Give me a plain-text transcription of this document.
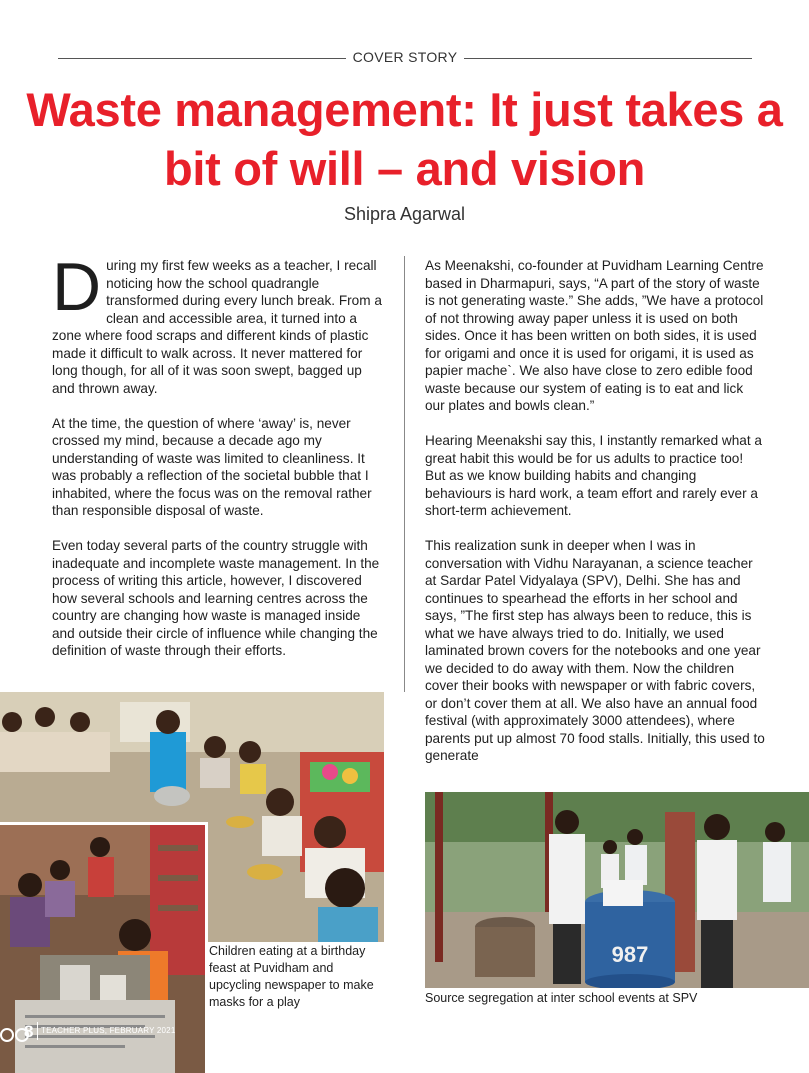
COVER STORY
Waste management: It just takes a bit of will – and vision
Shipra Agarwal

During my first few weeks as a teacher, I recall noticing how the school quadrangle transformed during every lunch break. From a clean and accessible area, it turned into a zone where food scraps and different kinds of plastic made it difficult to walk across. It never mattered for long though, for all of it was soon swept, bagged up and thrown away.

At the time, the question of where ‘away’ is, never crossed my mind, because a decade ago my understanding of waste was limited to cleanliness. It was probably a reflection of the societal bubble that I inhabited, where the focus was on the removal rather than responsible disposal of waste.

Even today several parts of the country struggle with inadequate and incomplete waste management. In the process of writing this article, however, I discovered how several schools and learning centres across the country are changing how waste is managed inside and outside their circle of influence while changing the definition of waste through their efforts.

As Meenakshi, co-founder at Puvidham Learning Centre based in Dharmapuri, says, “A part of the story of waste is not generating waste.” She adds, ”We have a protocol of not throwing away paper unless it is used on both sides. Once it has been written on both sides, it is used for origami and once it is used for origami, it is used as papier mache`. We also have close to zero edible food waste because our system of eating is to eat and lick our plates and bowls clean.”

Hearing Meenakshi say this, I instantly remarked what a great habit this would be for us adults to practice too! But as we know building habits and changing behaviours is hard work, a team effort and rarely ever a short-term achievement.

This realization sunk in deeper when I was in conversation with Vidhu Narayanan, a science teacher at Sardar Patel Vidyalaya (SPV), Delhi. She has and continues to spearhead the efforts in her school and says, ”The first step has always been to reduce, this is what we have always tried to do. Initially, we used laminated brown covers for the notebooks and one year we decided to do away with them. Now the children cover their books with newspaper or with fabric covers, or don’t cover them at all. We also have an annual food festival (with approximately 3000 attendees), where parents put up almost 70 food stalls. Initially, this used to generate

987
Children eating at a birthday feast at Puvidham and upcycling newspaper to make masks for a play	Source segregation at inter school events at SPV
8 TEACHER PLUS, FEBRUARY 2021
